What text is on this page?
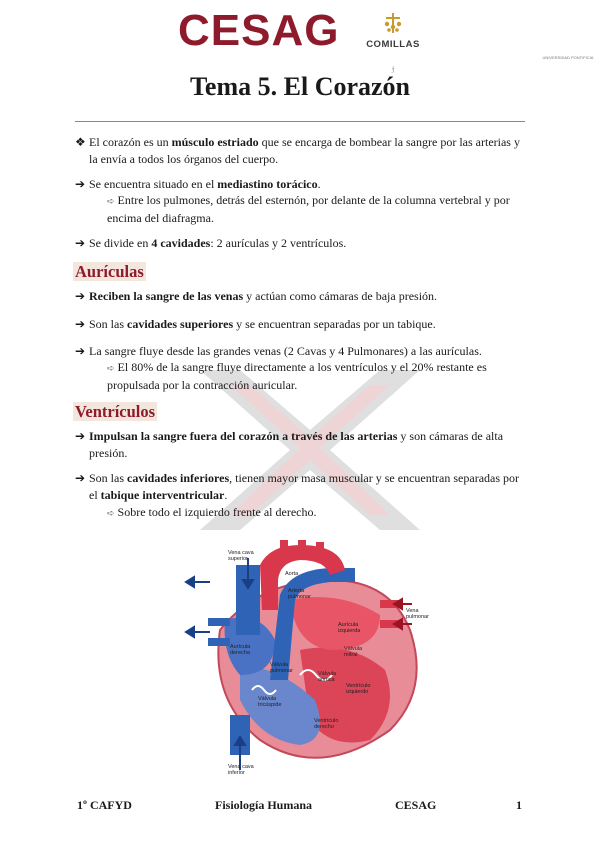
CESAG	COMILLAS
UNIVERSIDAD PONTIFICIA
ǯ
Tema 5. El Corazón
❖ El corazón es un músculo estriado que se encarga de bombear la sangre por las arterias y
la envía a todos los órganos del cuerpo.
➔ Se encuentra situado en el mediastino torácico.
➪ Entre los pulmones, detrás del esternón, por delante de la columna vertebral y por
encima del diafragma.
➔ Se divide en 4 cavidades: 2 aurículas y 2 ventrículos.
Aurículas
➔ Reciben la sangre de las venas y actúan como cámaras de baja presión.
➔ Son las cavidades superiores y se encuentran separadas por un tabique.
➔ La sangre fluye desde las grandes venas (2 Cavas y 4 Pulmonares) a las aurículas.
➪ El 80% de la sangre fluye directamente a los ventrículos y el 20% restante es
propulsada por la contracción auricular.
Ventrículos
➔ Impulsan la sangre fuera del corazón a través de las arterias y son cámaras de alta
presión.
➔ Son las cavidades inferiores, tienen mayor masa muscular y se encuentran separadas por
el tabique interventricular.
➪ Sobre todo el izquierdo frente al derecho.
Vena cava superior
Aorta
Arteria pulmonar
Aurícula izquierda
Vena pulmonar
Válvula mitral
Aurícula derecha
Válvula pulmonar	Válvula aórtica
Ventrículo izquierdo
Válvula tricúspide
Ventrículo derecho
Vena cava inferior
1º CAFYD	Fisiología Humana	CESAG	1
